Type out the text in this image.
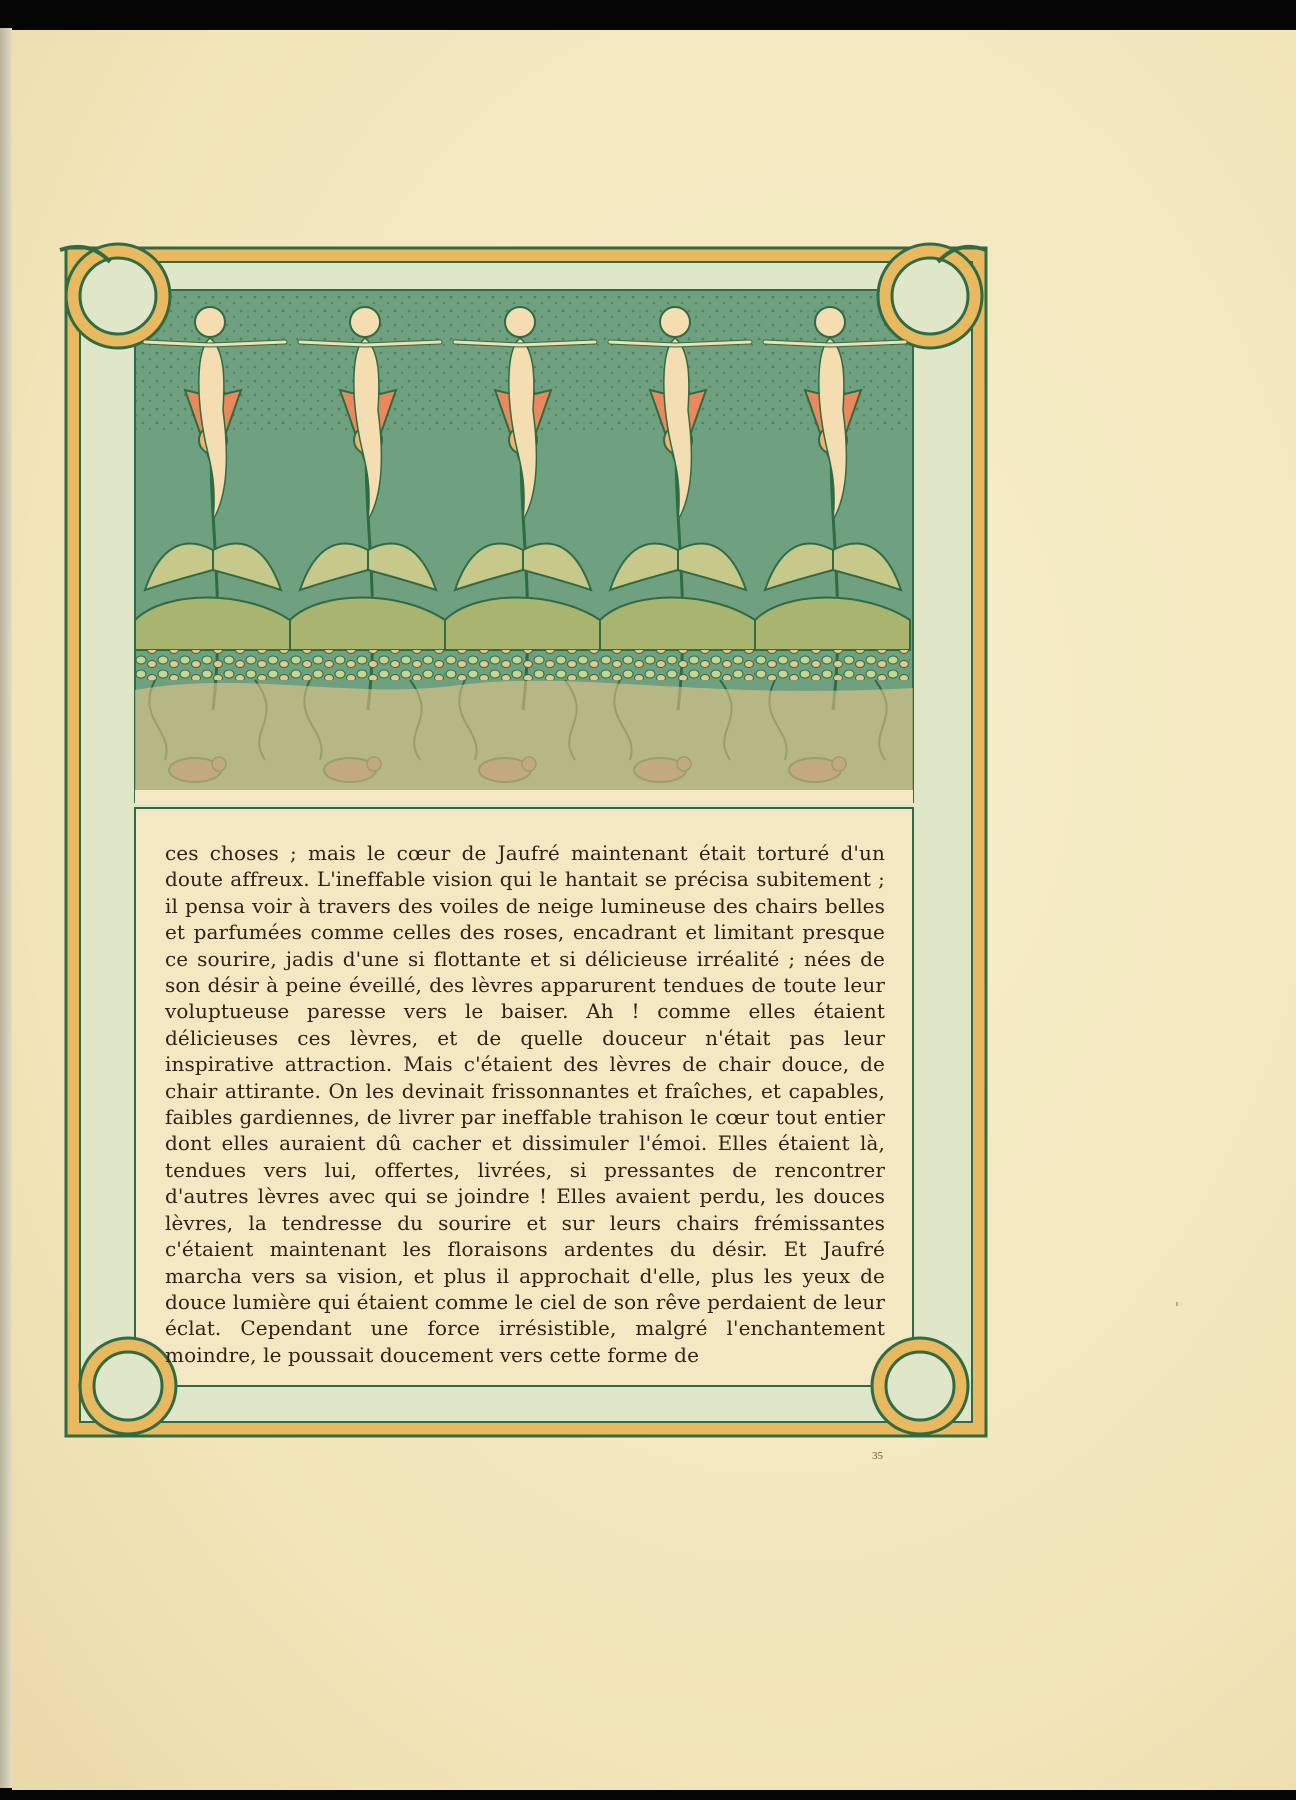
ces choses ; mais le cœur de Jaufré maintenant était torturé d'un doute affreux. L'ineffable vision qui le hantait se précisa subitement ; il pensa voir à travers des voiles de neige lumineuse des chairs belles et parfumées comme celles des roses, encadrant et limitant presque ce sourire, jadis d'une si flottante et si délicieuse irréalité ; nées de son désir à peine éveillé, des lèvres apparurent tendues de toute leur voluptueuse paresse vers le baiser. Ah ! comme elles étaient délicieuses ces lèvres, et de quelle douceur n'était pas leur inspirative attraction. Mais c'étaient des lèvres de chair douce, de chair attirante. On les devinait frissonnantes et fraîches, et capables, faibles gardiennes, de livrer par ineffable trahison le cœur tout entier dont elles auraient dû cacher et dissimuler l'émoi. Elles étaient là, tendues vers lui, offertes, livrées, si pressantes de rencontrer d'autres lèvres avec qui se joindre ! Elles avaient perdu, les douces lèvres, la tendresse du sourire et sur leurs chairs frémissantes c'étaient maintenant les floraisons ardentes du désir. Et Jaufré marcha vers sa vision, et plus il approchait d'elle, plus les yeux de douce lumière qui étaient comme le ciel de son rêve perdaient de leur éclat. Cependant une force irrésistible, malgré l'enchantement moindre, le poussait doucement vers cette forme de

35
